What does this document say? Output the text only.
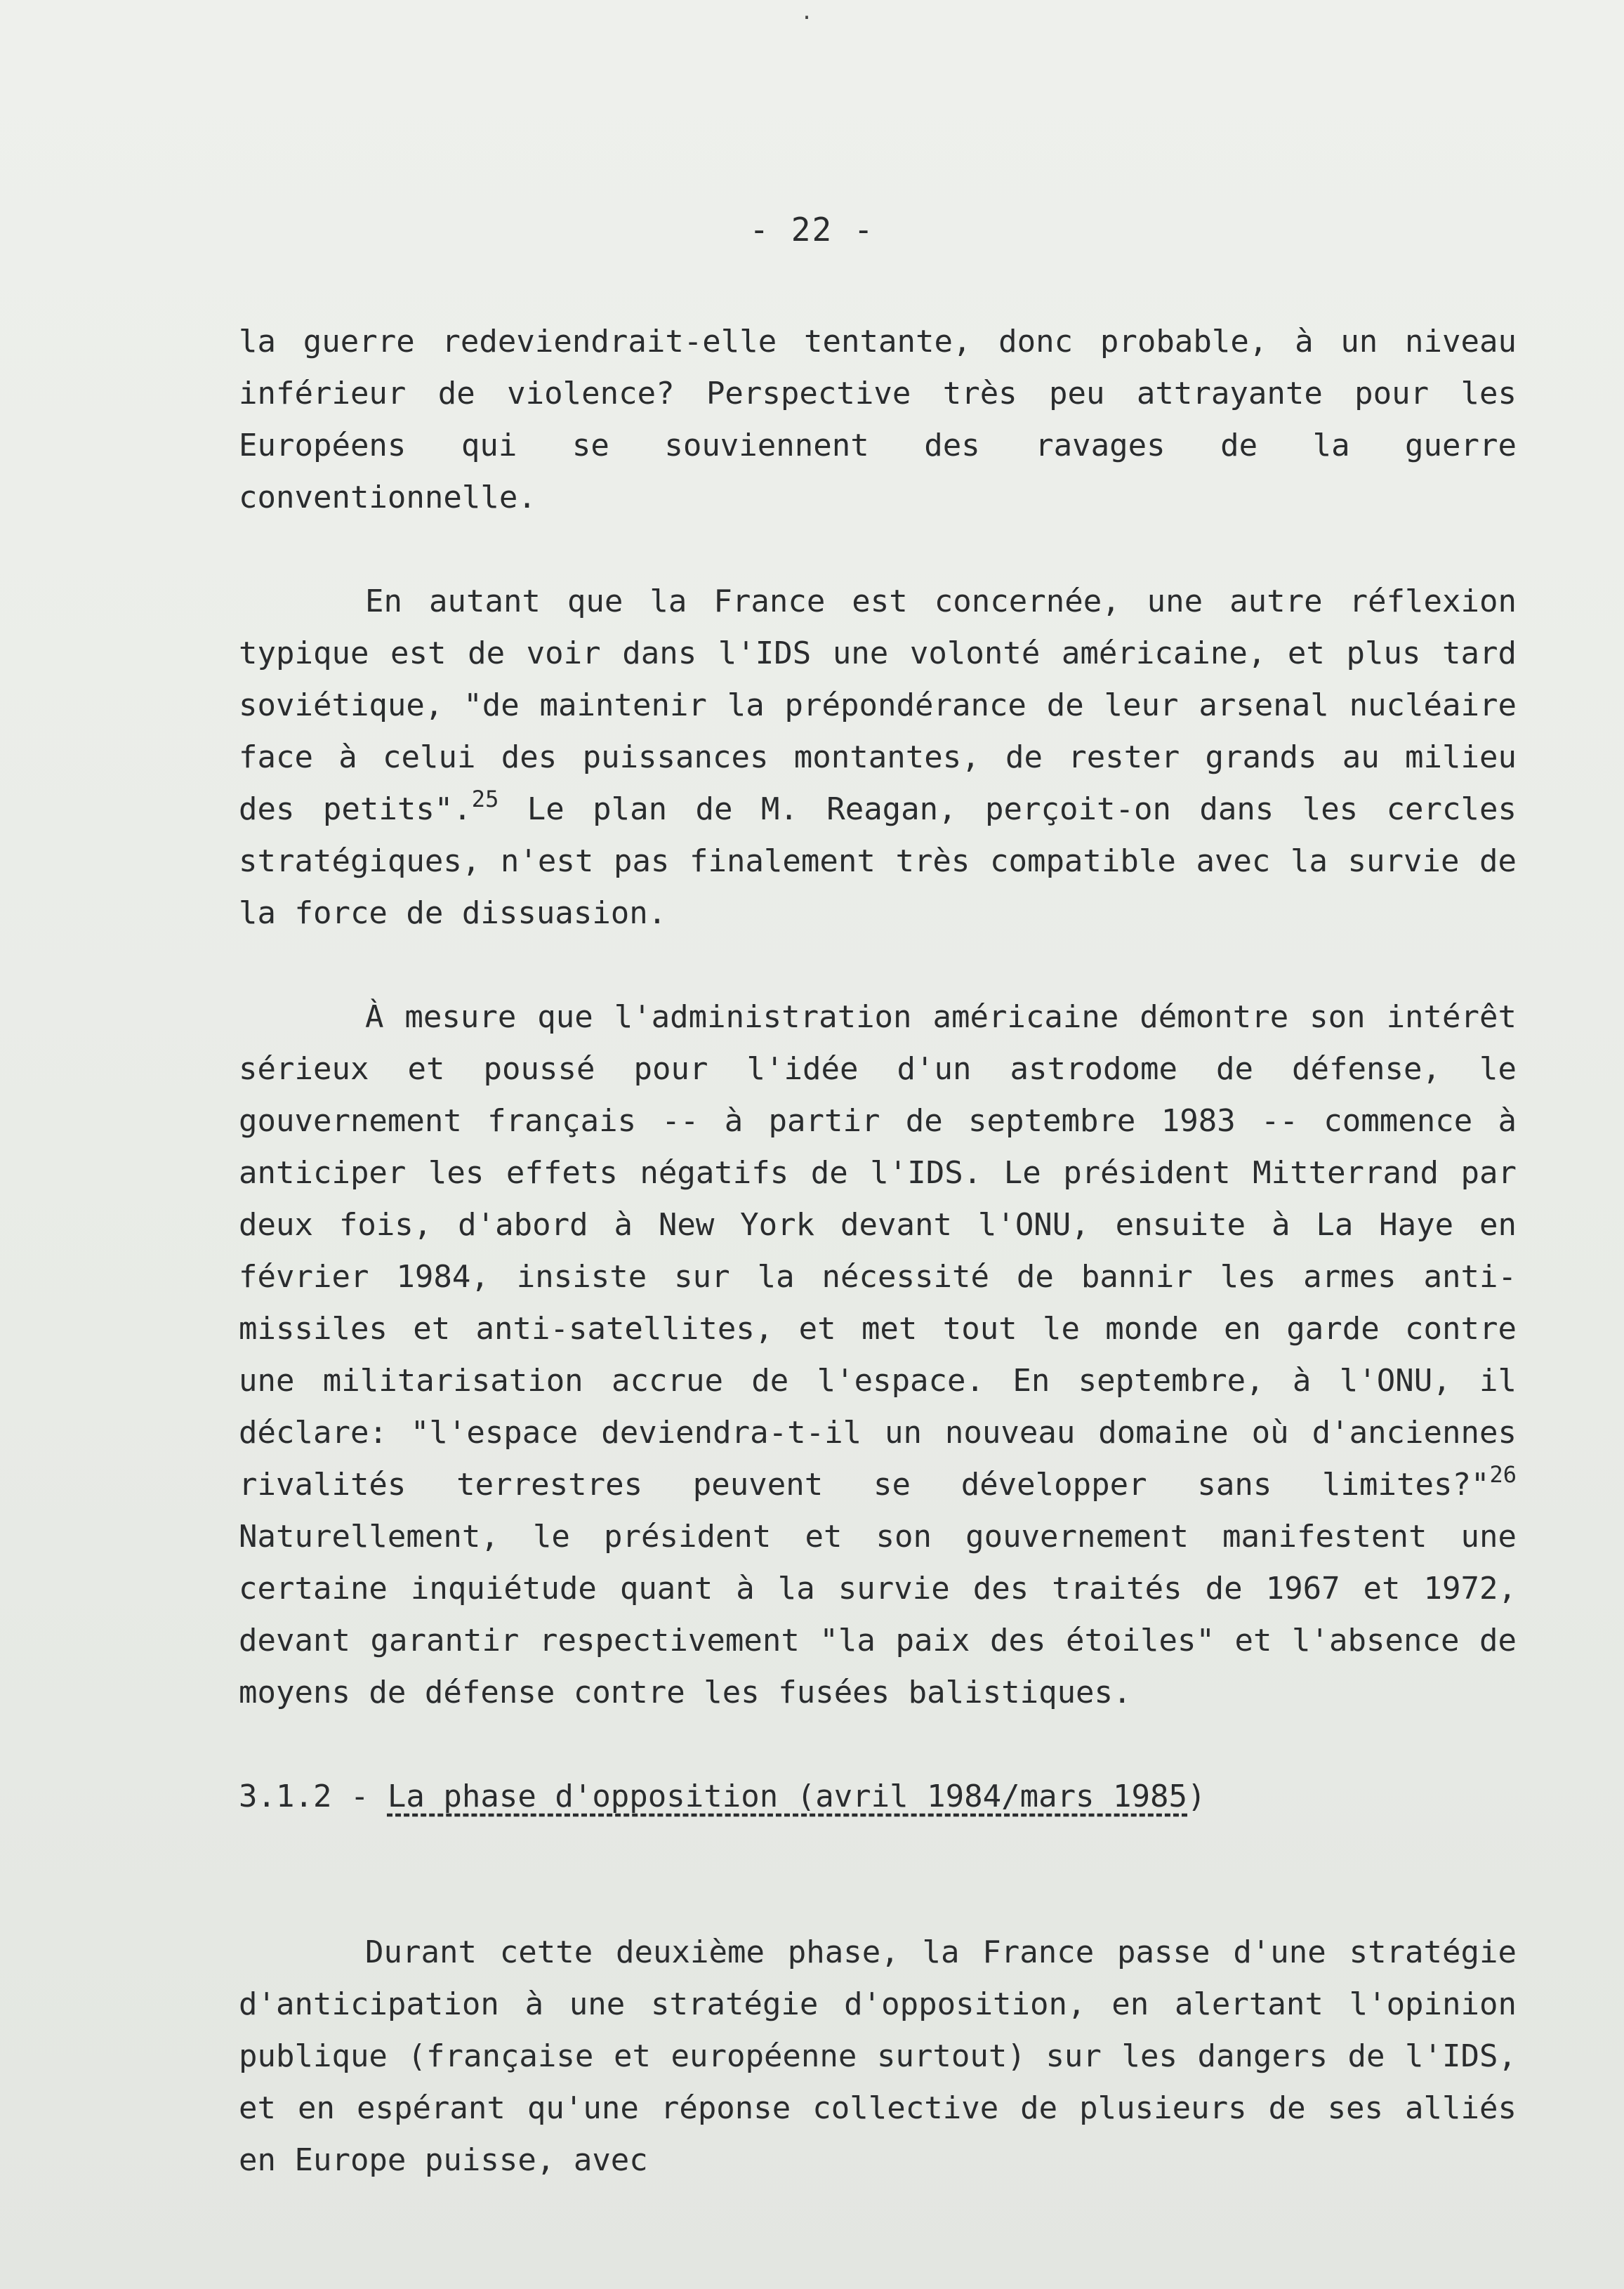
.
- 22 -

la guerre redeviendrait-elle tentante, donc probable, à un niveau inférieur de violence? Perspective très peu attrayante pour les Européens qui se souviennent des ravages de la guerre conventionnelle.

En autant que la France est concernée, une autre réflexion typique est de voir dans l'IDS une volonté américaine, et plus tard soviétique, "de maintenir la prépondérance de leur arsenal nucléaire face à celui des puissances montantes, de rester grands au milieu des petits".$^{25}$ Le plan de M. Reagan, perçoit-on dans les cercles stratégiques, n'est pas finalement très compatible avec la survie de la force de dissuasion.

À mesure que l'administration américaine démontre son intérêt sérieux et poussé pour l'idée d'un astrodome de défense, le gouvernement français -- à partir de septembre 1983 -- commence à anticiper les effets négatifs de l'IDS. Le président Mitterrand par deux fois, d'abord à New York devant l'ONU, ensuite à La Haye en février 1984, insiste sur la nécessité de bannir les armes anti-missiles et anti-satellites, et met tout le monde en garde contre une militarisation accrue de l'espace. En septembre, à l'ONU, il déclare: "l'espace deviendra-t-il un nouveau domaine où d'anciennes rivalités terrestres peuvent se développer sans limites?"$^{26}$ Naturellement, le président et son gouvernement manifestent une certaine inquiétude quant à la survie des traités de 1967 et 1972, devant garantir respectivement "la paix des étoiles" et l'absence de moyens de défense contre les fusées balistiques.

3.1.2 - La phase d'opposition (avril 1984/mars 1985)

Durant cette deuxième phase, la France passe d'une stratégie d'anticipation à une stratégie d'opposition, en alertant l'opinion publique (française et européenne surtout) sur les dangers de l'IDS, et en espérant qu'une réponse collective de plusieurs de ses alliés en Europe puisse, avec
